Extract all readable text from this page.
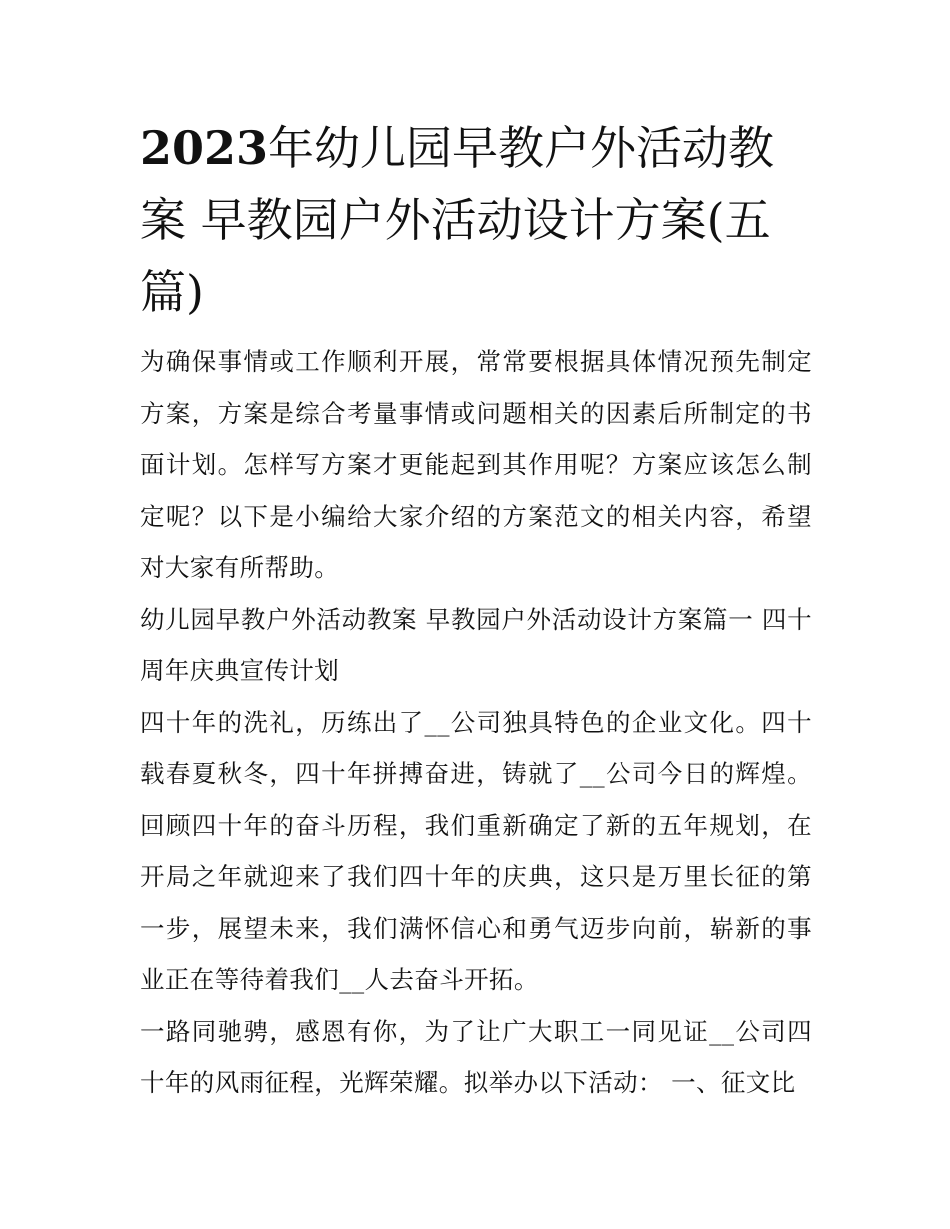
2023年幼儿园早教户外活动教案 早教园户外活动设计方案(五篇)

为确保事情或工作顺利开展，常常要根据具体情况预先制定方案，方案是综合考量事情或问题相关的因素后所制定的书面计划。怎样写方案才更能起到其作用呢？方案应该怎么制定呢？以下是小编给大家介绍的方案范文的相关内容，希望对大家有所帮助。

幼儿园早教户外活动教案 早教园户外活动设计方案篇一 四十周年庆典宣传计划

四十年的洗礼，历练出了__公司独具特色的企业文化。四十载春夏秋冬，四十年拼搏奋进，铸就了__公司今日的辉煌。回顾四十年的奋斗历程，我们重新确定了新的五年规划，在开局之年就迎来了我们四十年的庆典，这只是万里长征的第一步，展望未来，我们满怀信心和勇气迈步向前，崭新的事业正在等待着我们__人去奋斗开拓。

一路同驰骋，感恩有你，为了让广大职工一同见证__公司四十年的风雨征程，光辉荣耀。拟举办以下活动： 一、征文比
